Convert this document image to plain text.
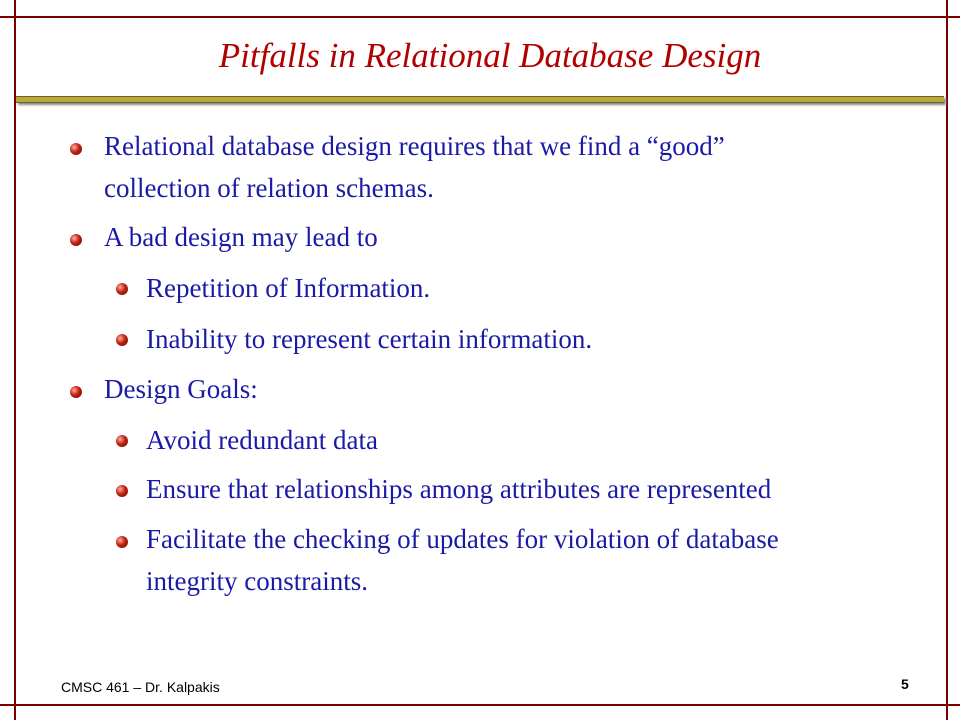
Pitfalls in Relational Database Design
Relational database design requires that we find a “good”
collection of relation schemas.
A bad design may lead to
Repetition of Information.
Inability to represent certain information.
Design Goals:
Avoid redundant data
Ensure that relationships among attributes are represented
Facilitate the checking of updates for violation of database
integrity constraints.
CMSC 461 – Dr. Kalpakis	5
